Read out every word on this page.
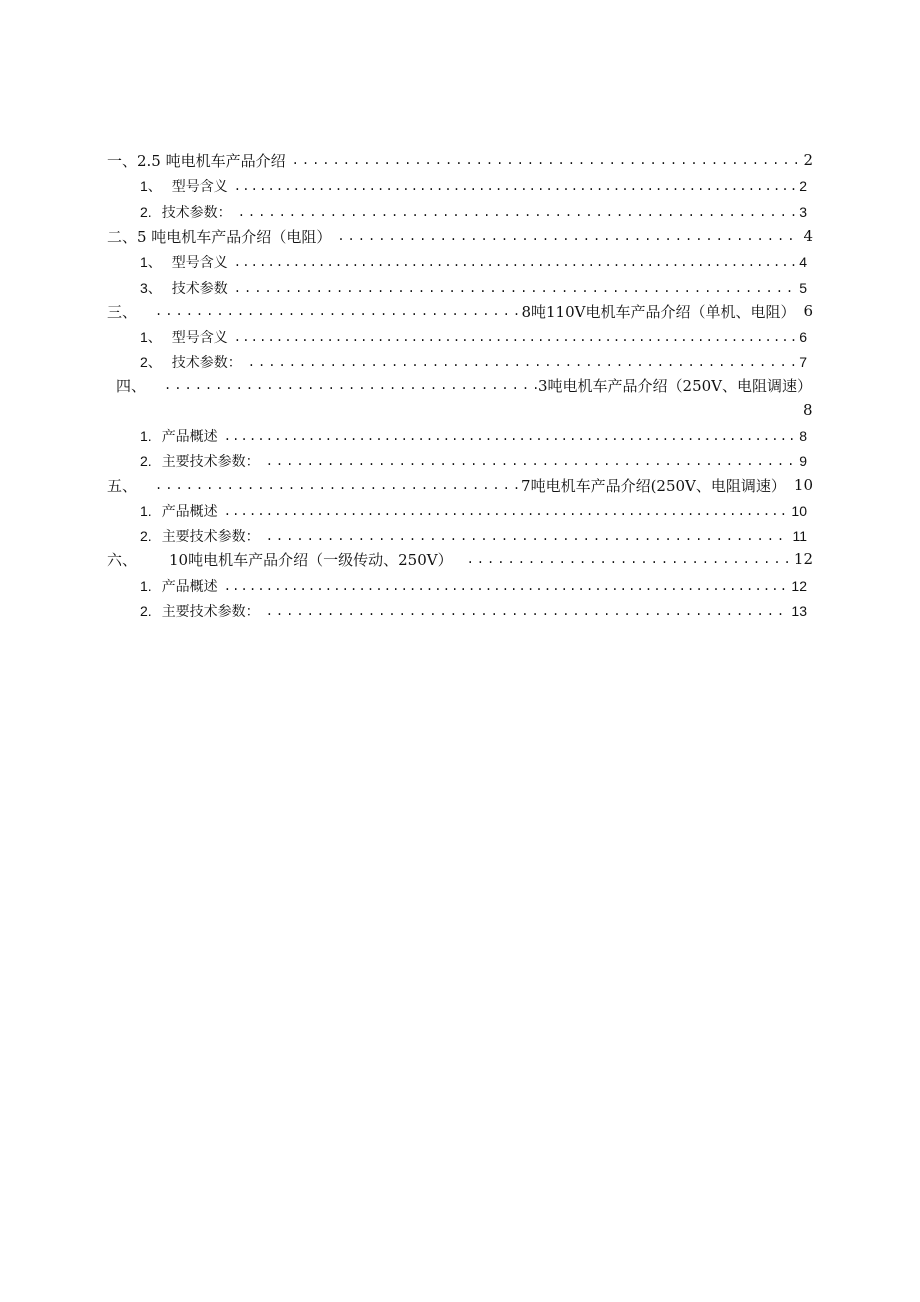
一、2.5 吨电机车产品介绍 .....	2
1、 型号含义 .....	2
2. 技术参数： .....	3
二、5 吨电机车产品介绍（电阻） .....	4
1、 型号含义 .....	4
3、 技术参数 .....	5
三、 .....	8吨110V电机车产品介绍（单机、电阻） 6
1、 型号含义 .....	6
2、 技术参数： .....	7
四、 .....	3吨电机车产品介绍（250V、电阻调速）
8
1. 产品概述 .....	8
2. 主要技术参数： .....	9
五、 .....	7吨电机车产品介绍(250V、电阻调速） 10
1. 产品概述 .....	10
2. 主要技术参数： .....	11
六、 10吨电机车产品介绍（一级传动、250V） .....	12
1. 产品概述 .....	12
2. 主要技术参数： .....	13
